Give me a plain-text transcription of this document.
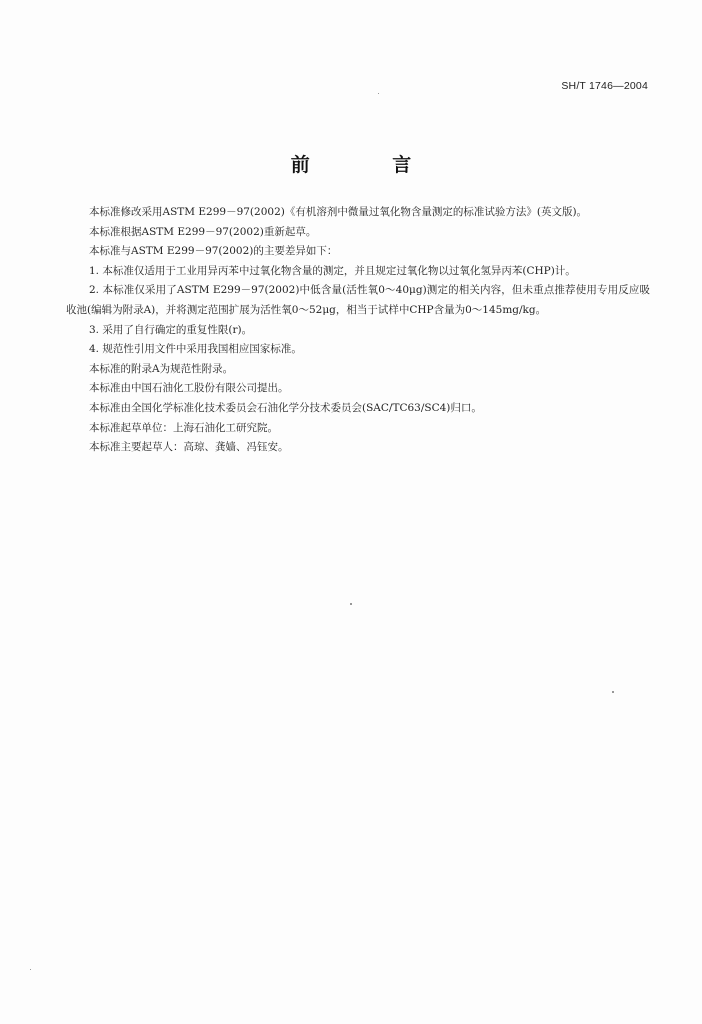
SH/T 1746—2004
前 言

本标准修改采用ASTM E299－97(2002)《有机溶剂中微量过氧化物含量测定的标准试验方法》(英文版)。

本标准根据ASTM E299－97(2002)重新起草。

本标准与ASTM E299－97(2002)的主要差异如下：

1. 本标准仅适用于工业用异丙苯中过氧化物含量的测定，并且规定过氧化物以过氧化氢异丙苯(CHP)计。

2. 本标准仅采用了ASTM E299－97(2002)中低含量(活性氧0～40μg)测定的相关内容，但未重点推荐使用专用反应吸收池(编辑为附录A)，并将测定范围扩展为活性氧0～52μg，相当于试样中CHP含量为0～145mg/kg。

3. 采用了自行确定的重复性限(r)。

4. 规范性引用文件中采用我国相应国家标准。

本标准的附录A为规范性附录。

本标准由中国石油化工股份有限公司提出。

本标准由全国化学标准化技术委员会石油化学分技术委员会(SAC/TC63/SC4)归口。

本标准起草单位：上海石油化工研究院。

本标准主要起草人：高琼、龚嫱、冯钰安。
